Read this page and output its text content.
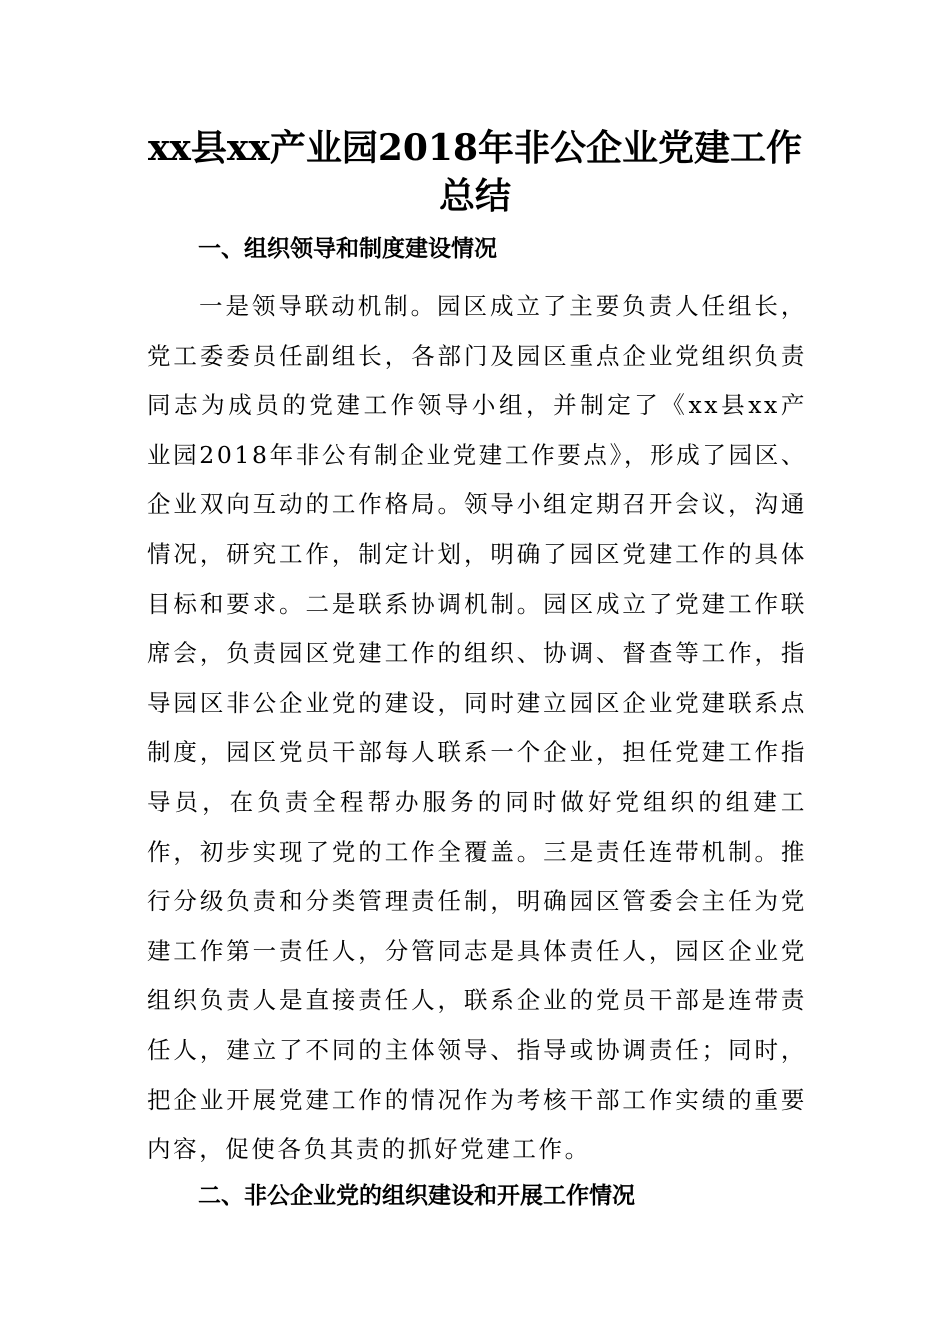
xx县xx产业园2018年非公企业党建工作总结
一、组织领导和制度建设情况

一是领导联动机制。园区成立了主要负责人任组长，党工委委员任副组长，各部门及园区重点企业党组织负责同志为成员的党建工作领导小组，并制定了《xx县xx产业园2018年非公有制企业党建工作要点》，形成了园区、企业双向互动的工作格局。领导小组定期召开会议，沟通情况，研究工作，制定计划，明确了园区党建工作的具体目标和要求。二是联系协调机制。园区成立了党建工作联席会，负责园区党建工作的组织、协调、督查等工作，指导园区非公企业党的建设，同时建立园区企业党建联系点制度，园区党员干部每人联系一个企业，担任党建工作指导员，在负责全程帮办服务的同时做好党组织的组建工作，初步实现了党的工作全覆盖。三是责任连带机制。推行分级负责和分类管理责任制，明确园区管委会主任为党建工作第一责任人，分管同志是具体责任人，园区企业党组织负责人是直接责任人，联系企业的党员干部是连带责任人，建立了不同的主体领导、指导或协调责任；同时，把企业开展党建工作的情况作为考核干部工作实绩的重要内容，促使各负其责的抓好党建工作。

二、非公企业党的组织建设和开展工作情况
